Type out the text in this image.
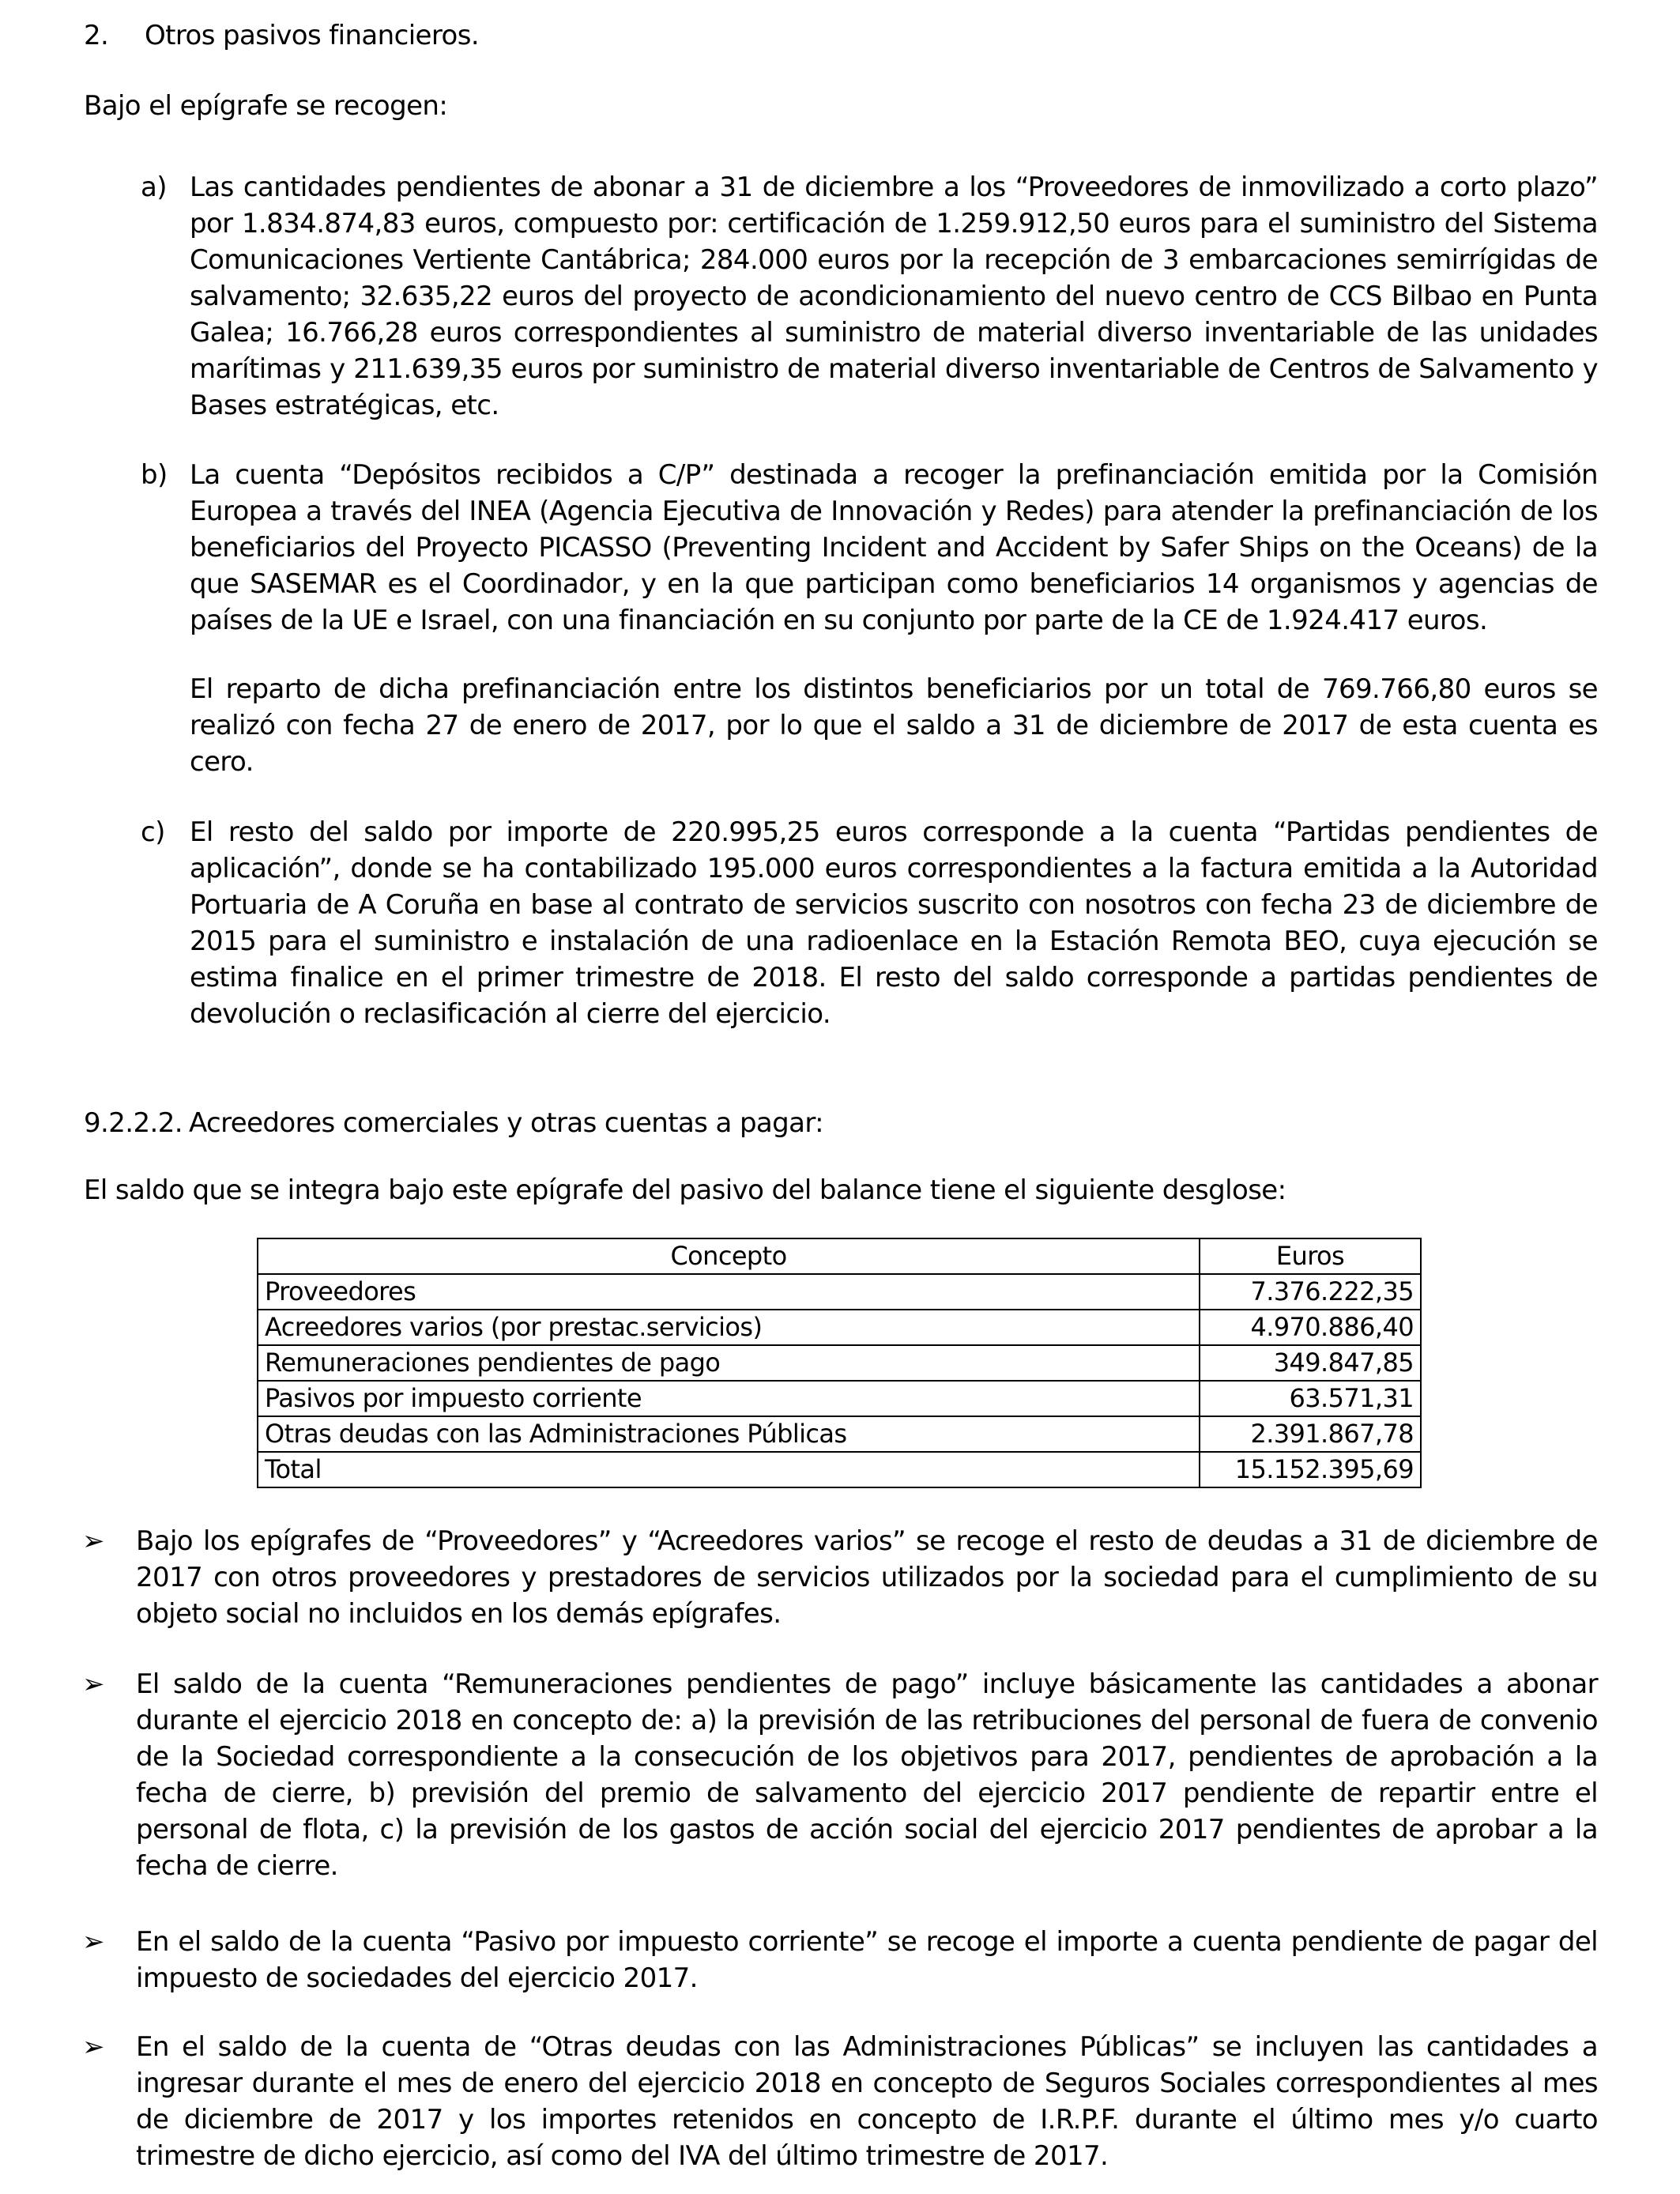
2. Otros pasivos financieros.
Bajo el epígrafe se recogen:
a) Las cantidades pendientes de abonar a 31 de diciembre a los “Proveedores de inmovilizado a corto plazo” por 1.834.874,83 euros, compuesto por: certificación de 1.259.912,50 euros para el suministro del Sistema Comunicaciones Vertiente Cantábrica; 284.000 euros por la recepción de 3 embarcaciones semirrígidas de salvamento; 32.635,22 euros del proyecto de acondicionamiento del nuevo centro de CCS Bilbao en Punta Galea; 16.766,28 euros correspondientes al suministro de material diverso inventariable de las unidades marítimas y 211.639,35 euros por suministro de material diverso inventariable de Centros de Salvamento y Bases estratégicas, etc.
b) La cuenta “Depósitos recibidos a C/P” destinada a recoger la prefinanciación emitida por la Comisión Europea a través del INEA (Agencia Ejecutiva de Innovación y Redes) para atender la prefinanciación de los beneficiarios del Proyecto PICASSO (Preventing Incident and Accident by Safer Ships on the Oceans) de la que SASEMAR es el Coordinador, y en la que participan como beneficiarios 14 organismos y agencias de países de la UE e Israel, con una financiación en su conjunto por parte de la CE de 1.924.417 euros.
El reparto de dicha prefinanciación entre los distintos beneficiarios por un total de 769.766,80 euros se realizó con fecha 27 de enero de 2017, por lo que el saldo a 31 de diciembre de 2017 de esta cuenta es cero.
c) El resto del saldo por importe de 220.995,25 euros corresponde a la cuenta “Partidas pendientes de aplicación”, donde se ha contabilizado 195.000 euros correspondientes a la factura emitida a la Autoridad Portuaria de A Coruña en base al contrato de servicios suscrito con nosotros con fecha 23 de diciembre de 2015 para el suministro e instalación de una radioenlace en la Estación Remota BEO, cuya ejecución se estima finalice en el primer trimestre de 2018. El resto del saldo corresponde a partidas pendientes de devolución o reclasificación al cierre del ejercicio.
9.2.2.2. Acreedores comerciales y otras cuentas a pagar:
El saldo que se integra bajo este epígrafe del pasivo del balance tiene el siguiente desglose:
Concepto	Euros
Proveedores	7.376.222,35
Acreedores varios (por prestac.servicios)	4.970.886,40
Remuneraciones pendientes de pago	349.847,85
Pasivos por impuesto corriente	63.571,31
Otras deudas con las Administraciones Públicas	2.391.867,78
Total	15.152.395,69
➢ Bajo los epígrafes de “Proveedores” y “Acreedores varios” se recoge el resto de deudas a 31 de diciembre de 2017 con otros proveedores y prestadores de servicios utilizados por la sociedad para el cumplimiento de su objeto social no incluidos en los demás epígrafes.
➢ El saldo de la cuenta “Remuneraciones pendientes de pago” incluye básicamente las cantidades a abonar durante el ejercicio 2018 en concepto de: a) la previsión de las retribuciones del personal de fuera de convenio de la Sociedad correspondiente a la consecución de los objetivos para 2017, pendientes de aprobación a la fecha de cierre, b) previsión del premio de salvamento del ejercicio 2017 pendiente de repartir entre el personal de flota, c) la previsión de los gastos de acción social del ejercicio 2017 pendientes de aprobar a la fecha de cierre.
➢ En el saldo de la cuenta “Pasivo por impuesto corriente” se recoge el importe a cuenta pendiente de pagar del impuesto de sociedades del ejercicio 2017.
➢ En el saldo de la cuenta de “Otras deudas con las Administraciones Públicas” se incluyen las cantidades a ingresar durante el mes de enero del ejercicio 2018 en concepto de Seguros Sociales correspondientes al mes de diciembre de 2017 y los importes retenidos en concepto de I.R.P.F. durante el último mes y/o cuarto trimestre de dicho ejercicio, así como del IVA del último trimestre de 2017.
